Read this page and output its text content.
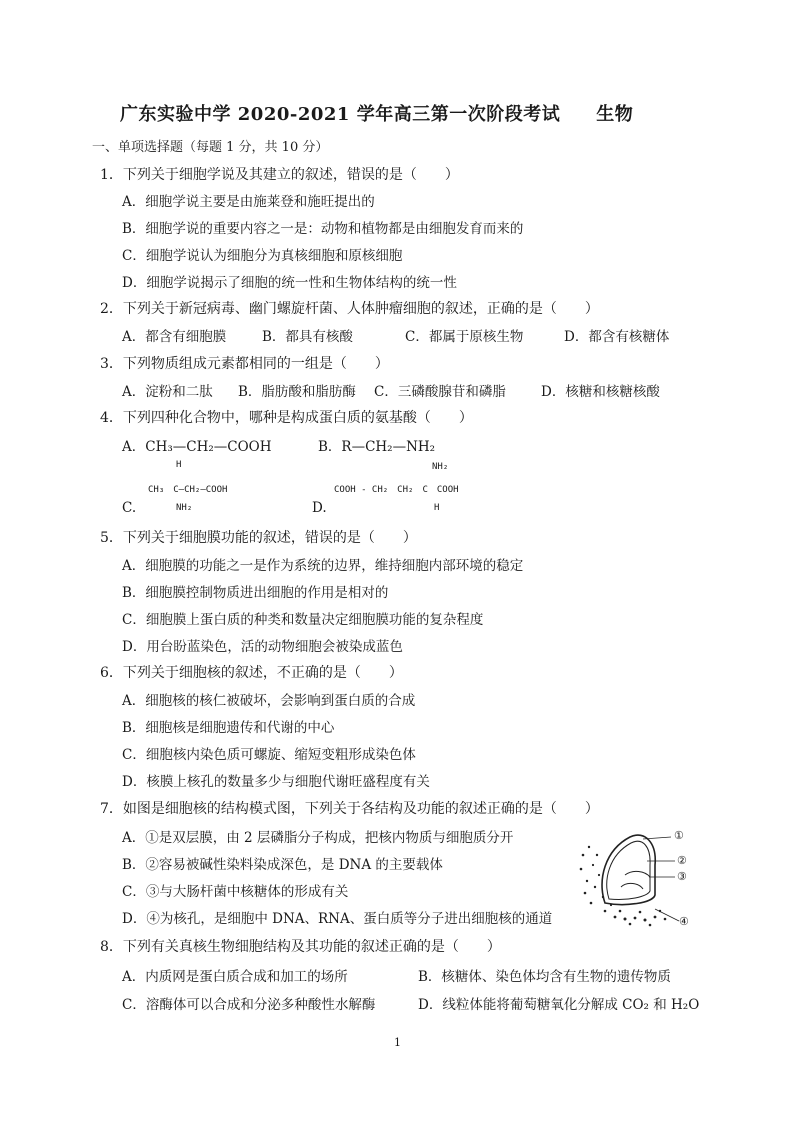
广东实验中学 2020-2021 学年高三第一次阶段考试 生物
一、单项选择题（每题 1 分，共 10 分）
1．下列关于细胞学说及其建立的叙述，错误的是（　　）
A．细胞学说主要是由施莱登和施旺提出的
B．细胞学说的重要内容之一是：动物和植物都是由细胞发育而来的
C．细胞学说认为细胞分为真核细胞和原核细胞
D．细胞学说揭示了细胞的统一性和生物体结构的统一性
2．下列关于新冠病毒、幽门螺旋杆菌、人体肿瘤细胞的叙述，正确的是（　　）
A．都含有细胞膜	B．都具有核酸	C．都属于原核生物	D．都含有核糖体
3．下列物质组成元素都相同的一组是（　　）
A．淀粉和二肽 B．脂肪酸和脂肪酶 C．三磷酸腺苷和磷脂	D．核糖和核糖核酸
4．下列四种化合物中，哪种是构成蛋白质的氨基酸（　　）
A．CH₃—CH₂—COOH	B．R—CH₂—NH₂
H
CH₃　C—CH₂—COOH
NH₂
C.
NH₂
COOH - CH₂　CH₂　C　COOH
H
D.
5．下列关于细胞膜功能的叙述，错误的是（　　）
A．细胞膜的功能之一是作为系统的边界，维持细胞内部环境的稳定
B．细胞膜控制物质进出细胞的作用是相对的
C．细胞膜上蛋白质的种类和数量决定细胞膜功能的复杂程度
D．用台盼蓝染色，活的动物细胞会被染成蓝色
6．下列关于细胞核的叙述，不正确的是（　　）
A．细胞核的核仁被破坏，会影响到蛋白质的合成
B．细胞核是细胞遗传和代谢的中心
C．细胞核内染色质可螺旋、缩短变粗形成染色体
D．核膜上核孔的数量多少与细胞代谢旺盛程度有关
7．如图是细胞核的结构模式图，下列关于各结构及功能的叙述正确的是（　　）
A．①是双层膜，由 2 层磷脂分子构成，把核内物质与细胞质分开
B．②容易被碱性染料染成深色，是 DNA 的主要载体
C．③与大肠杆菌中核糖体的形成有关
D．④为核孔，是细胞中 DNA、RNA、蛋白质等分子进出细胞核的通道
①
②
③
④
8．下列有关真核生物细胞结构及其功能的叙述正确的是（　　）
A．内质网是蛋白质合成和加工的场所	B．核糖体、染色体均含有生物的遗传物质
C．溶酶体可以合成和分泌多种酸性水解酶	D．线粒体能将葡萄糖氧化分解成 CO₂ 和 H₂O
1
